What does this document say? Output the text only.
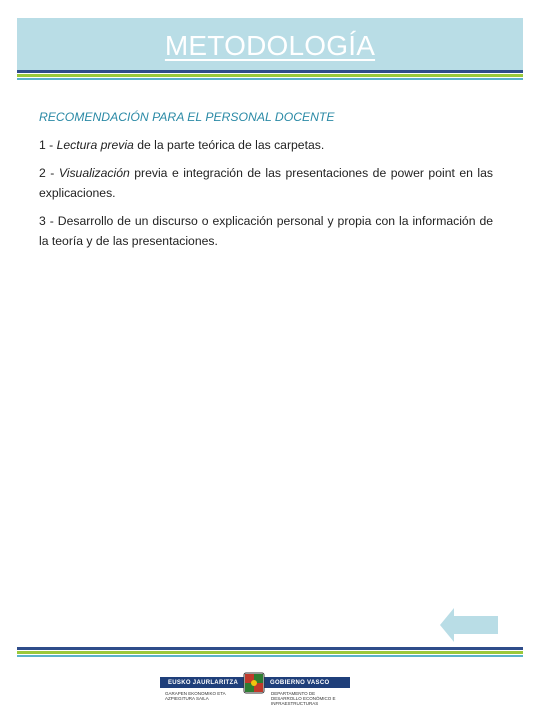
METODOLOGÍA

RECOMENDACIÓN PARA EL PERSONAL DOCENTE

1 - Lectura previa de la parte teórica de las carpetas.

2 - Visualización previa e integración de las presentaciones de power point en las explicaciones.

3 - Desarrollo de un discurso o explicación personal y propia con la información de la teoría y de las presentaciones.

EUSKO JAURLARITZA	GOBIERNO VASCO
GARAPEN EKONOMIKO ETA AZPIEGITURA SAILA
DEPARTAMENTO DE DESARROLLO ECONÓMICO E INFRAESTRUCTURAS
